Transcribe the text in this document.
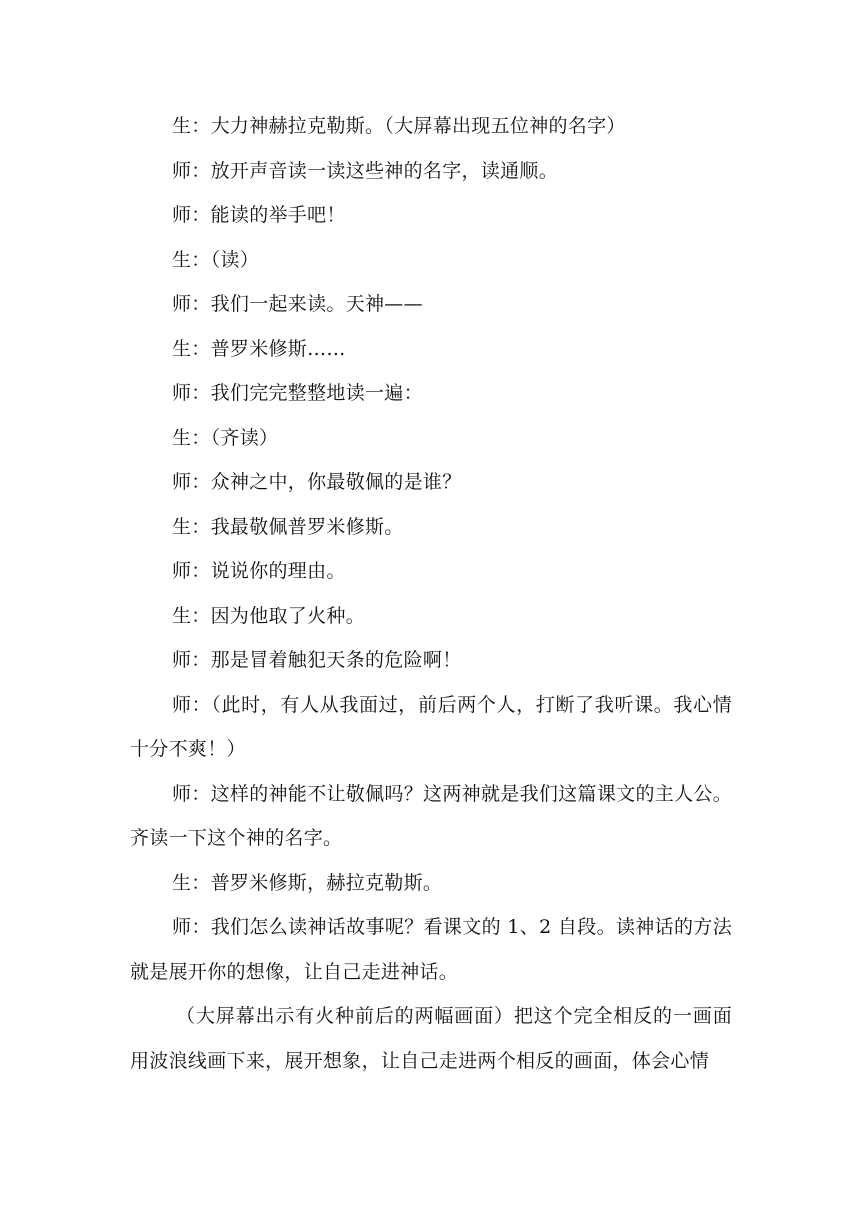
生：大力神赫拉克勒斯。（大屏幕出现五位神的名字）

师：放开声音读一读这些神的名字，读通顺。

师：能读的举手吧！

生：（读）

师：我们一起来读。天神——

生：普罗米修斯……

师：我们完完整整地读一遍：

生：（齐读）

师：众神之中，你最敬佩的是谁？

生：我最敬佩普罗米修斯。

师：说说你的理由。

生：因为他取了火种。

师：那是冒着触犯天条的危险啊！

师：（此时，有人从我面过，前后两个人，打断了我听课。我心情十分不爽！）

师：这样的神能不让敬佩吗？这两神就是我们这篇课文的主人公。齐读一下这个神的名字。

生：普罗米修斯，赫拉克勒斯。

师：我们怎么读神话故事呢？看课文的 1、2 自段。读神话的方法就是展开你的想像，让自己走进神话。

（大屏幕出示有火种前后的两幅画面）把这个完全相反的一画面用波浪线画下来，展开想象，让自己走进两个相反的画面，体会心情
